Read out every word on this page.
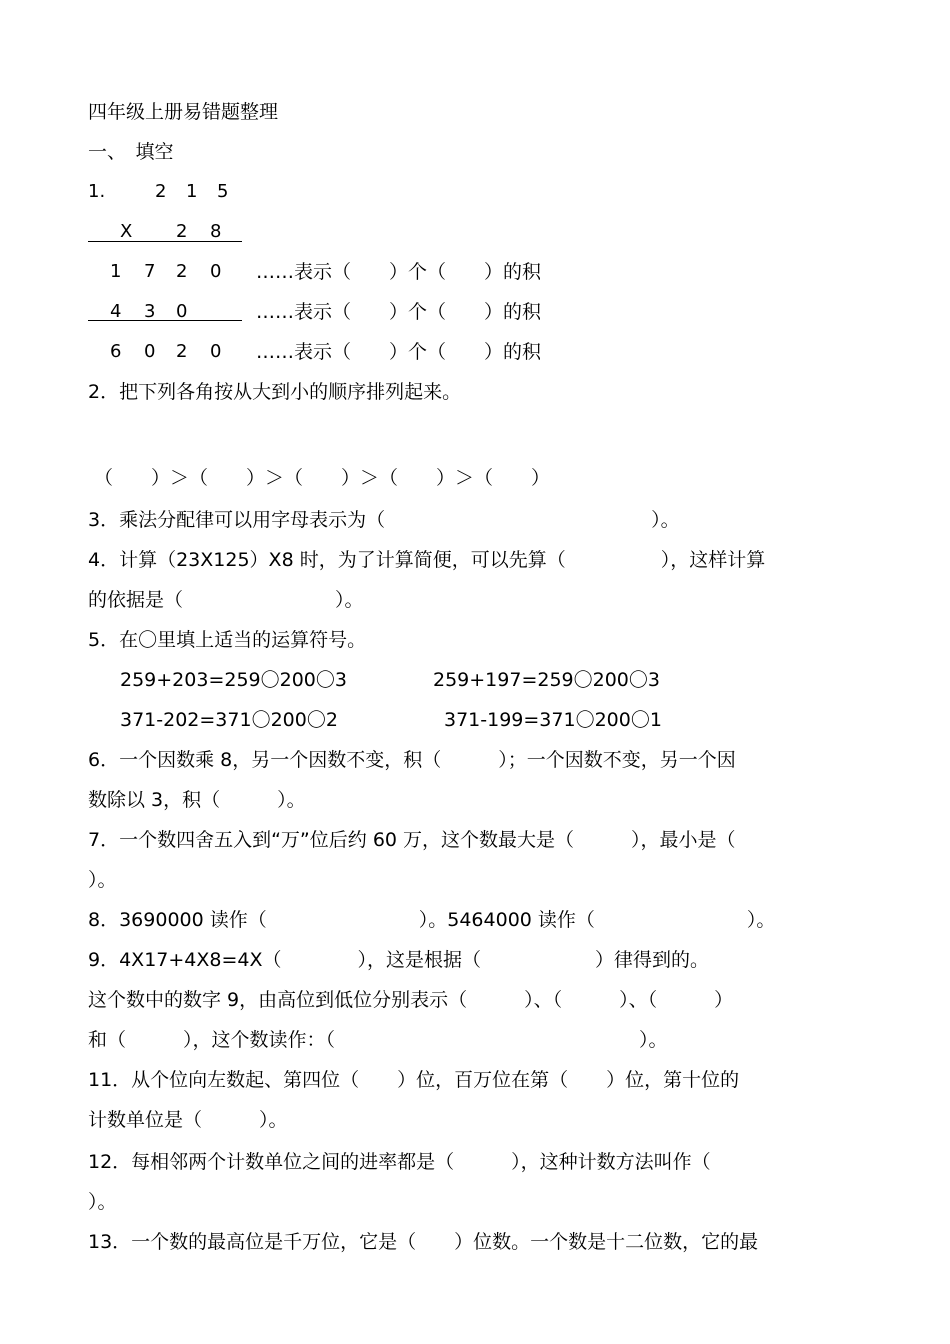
四年级上册易错题整理
一、　填空
1.	2 1 5
X 2 8
1 7 2 0 ……表示（　　）个（　　）的积
4 3 0	……表示（　　）个（　　）的积
6 0 2 0 ……表示（　　）个（　　）的积
2．把下列各角按从大到小的顺序排列起来。
（　　）＞（　　）＞（　　）＞（　　）＞（　　）
3．乘法分配律可以用字母表示为（　　　　　　　　　　　　　　）。
4．计算（23X125）X8 时，为了计算简便，可以先算（　　　　　），这样计算
的依据是（　　　　　　　　）。
5．在〇里填上适当的运算符号。
259+203=259〇200〇3	259+197=259〇200〇3
371-202=371〇200〇2	371-199=371〇200〇1
6．一个因数乘 8，另一个因数不变，积（　　　）；一个因数不变，另一个因
数除以 3，积（　　　）。
7．一个数四舍五入到“万”位后约 60 万，这个数最大是（　　　），最小是（
）。
8．3690000 读作（　　　　　　　　）。5464000 读作（　　　　　　　　）。
9．4X17+4X8=4X（　　　　），这是根据（　　　　　　）律得到的。
这个数中的数字 9，由高位到低位分别表示（　　　）、（　　　）、（　　　）
和（　　　），这个数读作：（　　　　　　　　　　　　　　　　）。
11．从个位向左数起、第四位（　　）位，百万位在第（　　）位，第十位的
计数单位是（　　　）。
12．每相邻两个计数单位之间的进率都是（　　　），这种计数方法叫作（
）。
13．一个数的最高位是千万位，它是（　　）位数。一个数是十二位数，它的最
